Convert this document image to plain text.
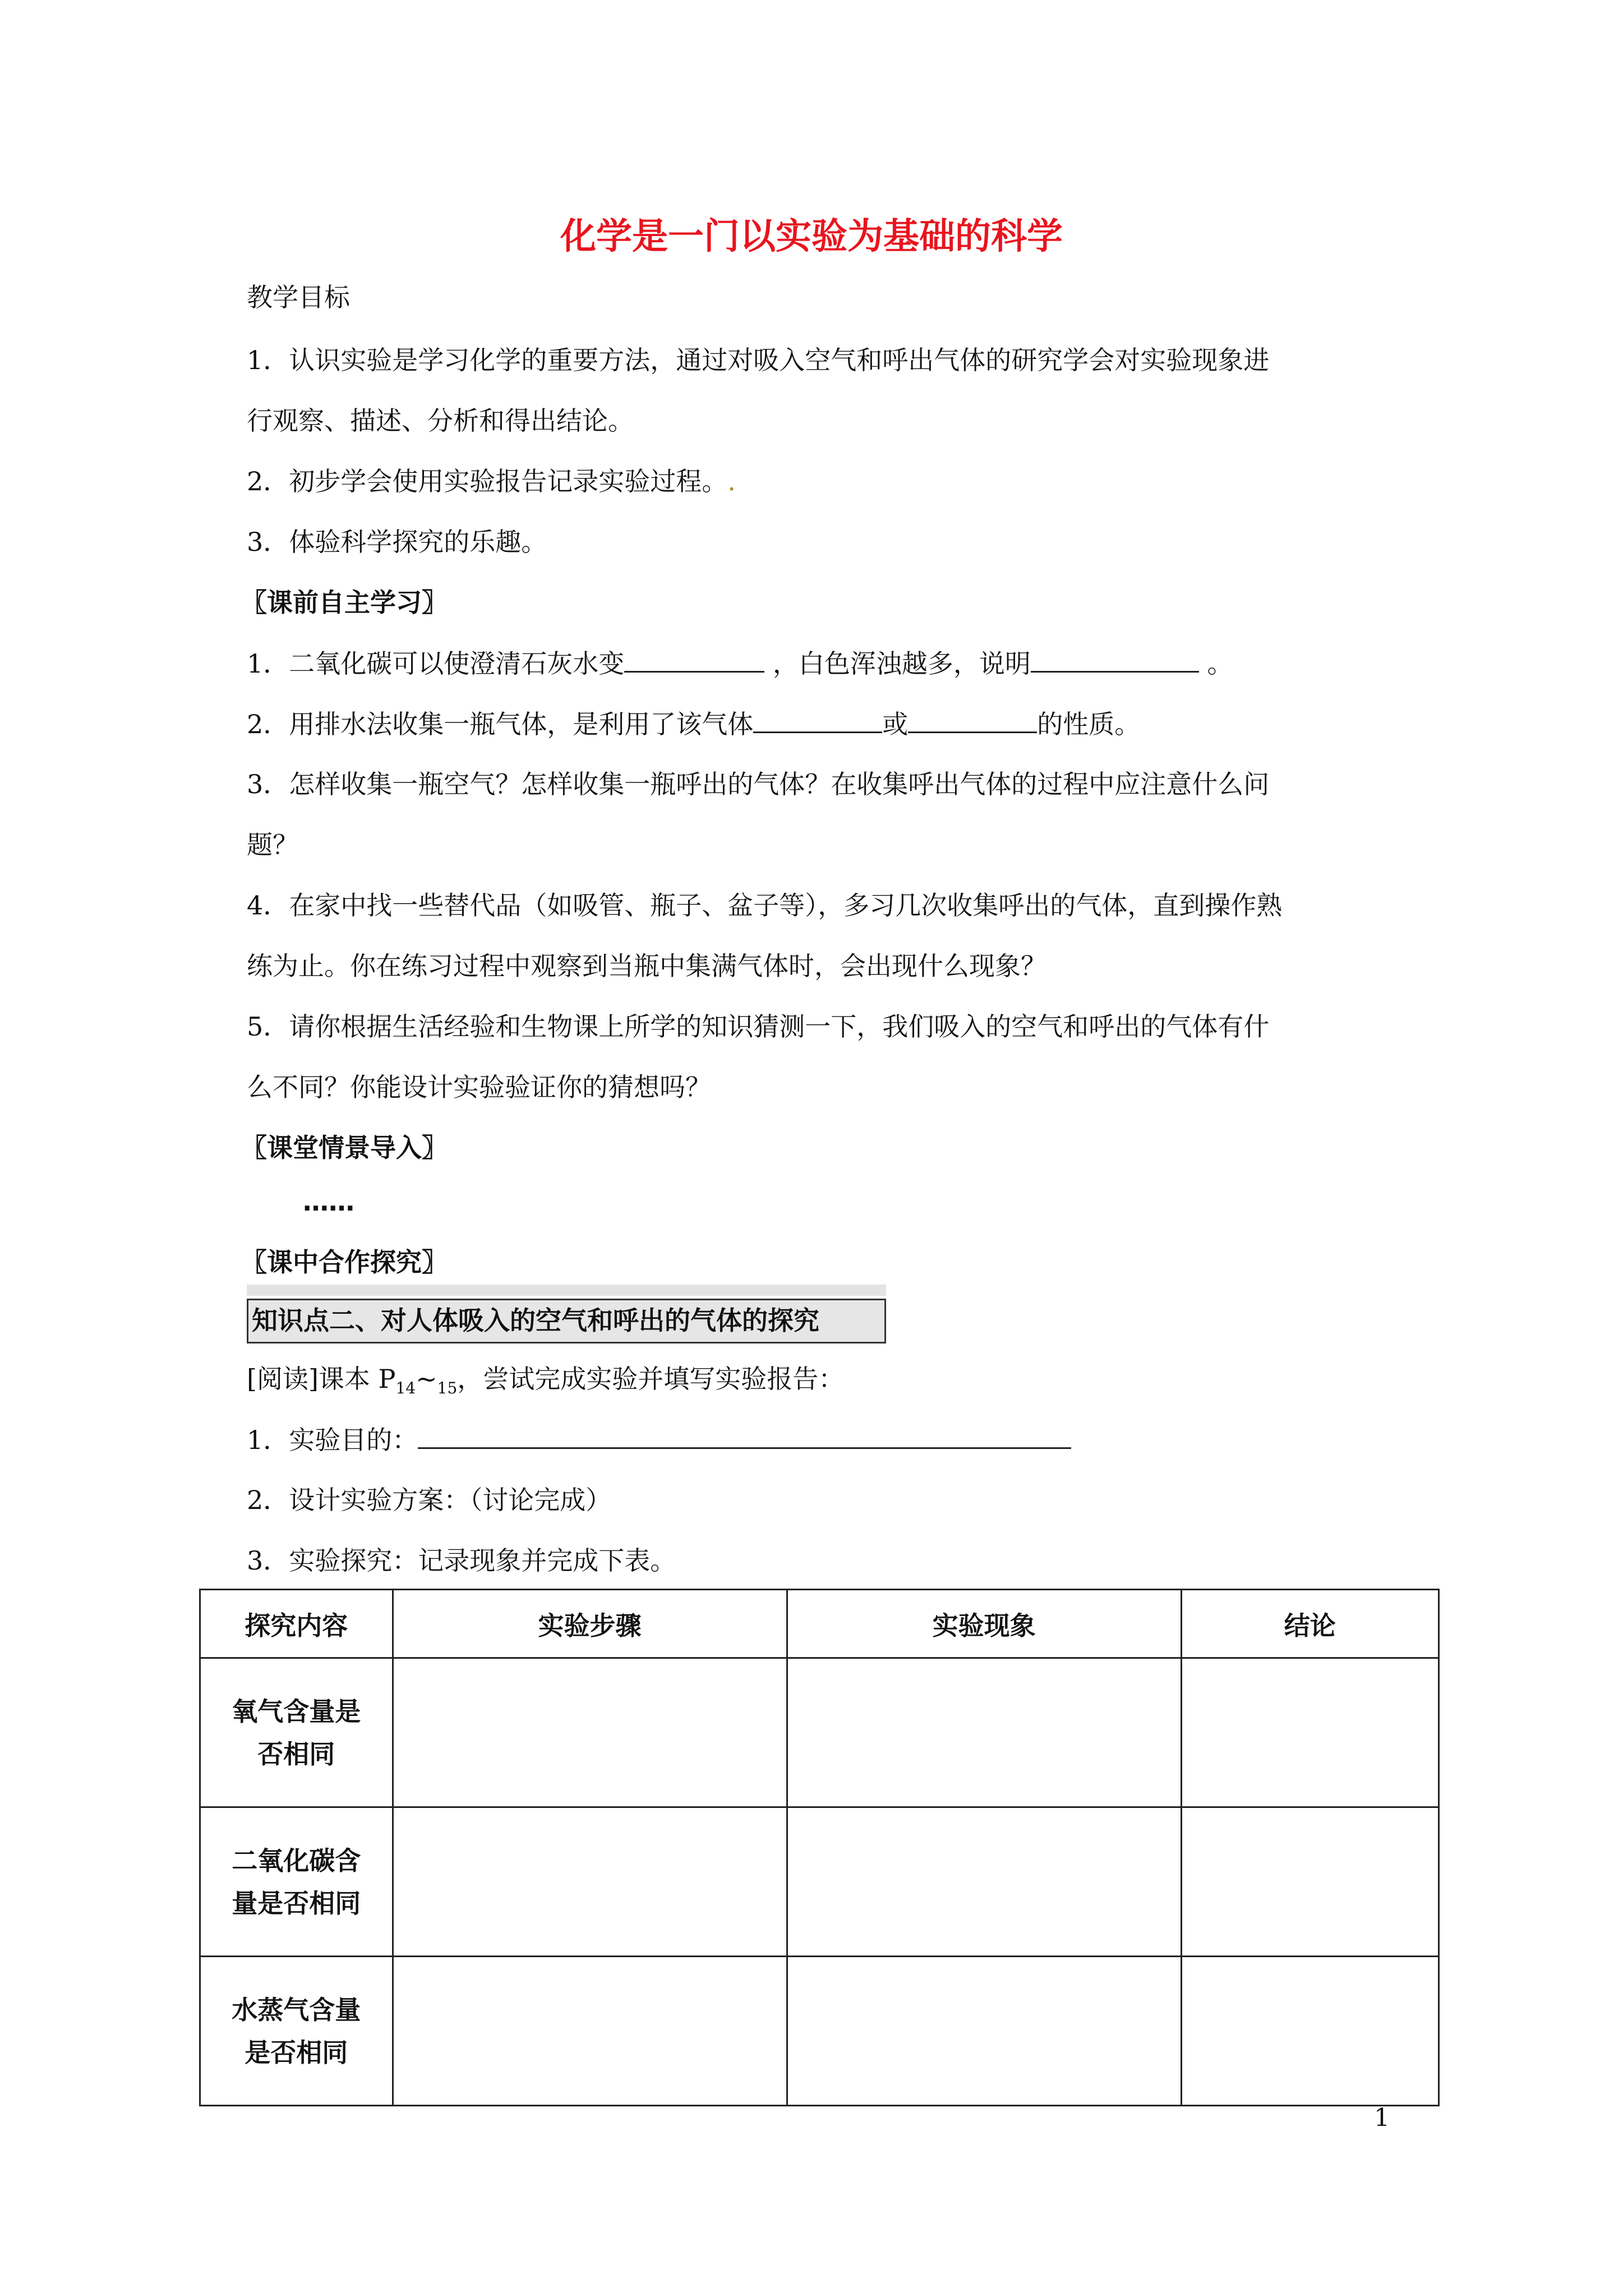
化学是一门以实验为基础的科学
教学目标
1．认识实验是学习化学的重要方法，通过对吸入空气和呼出气体的研究学会对实验现象进
行观察、描述、分析和得出结论。
2．初步学会使用实验报告记录实验过程。.
3．体验科学探究的乐趣。
〖课前自主学习〗
1．二氧化碳可以使澄清石灰水变	，白色浑浊越多，说明	。
2．用排水法收集一瓶气体，是利用了该气体	或	的性质。
3．怎样收集一瓶空气？怎样收集一瓶呼出的气体？在收集呼出气体的过程中应注意什么问
题？
4．在家中找一些替代品（如吸管、瓶子、盆子等），多习几次收集呼出的气体，直到操作熟
练为止。你在练习过程中观察到当瓶中集满气体时，会出现什么现象？
5．请你根据生活经验和生物课上所学的知识猜测一下，我们吸入的空气和呼出的气体有什
么不同？你能设计实验验证你的猜想吗？
〖课堂情景导入〗
……
〖课中合作探究〗
知识点二、对人体吸入的空气和呼出的气体的探究
[阅读]课本 $P_{14}\sim_{15}$，尝试完成实验并填写实验报告：
1．实验目的：
2．设计实验方案：（讨论完成）
3．实验探究：记录现象并完成下表。
探究内容	实验步骤	实验现象	结论

氧气含量是
否相同			

二氧化碳含
量是否相同			

水蒸气含量
是否相同			

1
